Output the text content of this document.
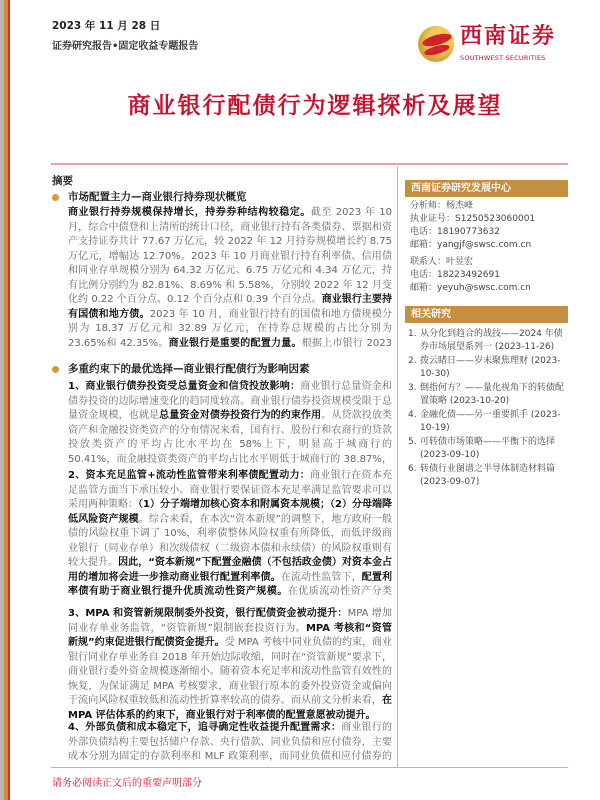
2023 年 11 月 28 日
证券研究报告•固定收益专题报告	西南证券
SOUTHWEST SECURITIES
商业银行配债行为逻辑探析及展望
摘要
市场配置主力—商业银行持券现状概览
商业银行持券规模保持增长，持券券种结构较稳定。截至 2023 年 10 月，综合中债登和上清所的统计口径，商业银行持有各类债券、票据和资产支持证券共计 77.67 万亿元，较 2022 年 12 月持券规模增长约 8.75 万亿元，增幅达 12.70%。2023 年 10 月商业银行持有利率债、信用债和同业存单规模分别为 64.32 万亿元、6.75 万亿元和 4.34 万亿元，持有比例分别约为 82.81%、8.69% 和 5.58%，分别较 2022 年 12 月变化约 0.22 个百分点、0.12 个百分点和 0.39 个百分点。商业银行主要持有国债和地方债。2023 年 10 月，商业银行持有的国债和地方债规模分别为 18.37 万亿元和 32.89 万亿元，在持券总规模的占比分别为 23.65%和 42.35%。商业银行是重要的配置力量。根据上市银行 2023
多重约束下的最优选择—商业银行配债行为影响因素
1、商业银行债券投资受总量资金和信贷投放影响：商业银行总量资金和债券投资的边际增速变化的趋同度较高。商业银行债券投资规模受限于总量资金规模，也就是总量资金对债券投资行为的约束作用。从贷款投放类资产和金融投资类资产的分布情况来看，国有行、股份行和农商行的贷款投放类资产的平均占比水平均在 58%上下，明显高于城商行的 50.41%，而金融投资类资产的平均占比水平则低于城商行的 38.87%，
2、资本充足监管+流动性监管带来利率债配置动力：商业银行在资本充足监管方面当下承压较小。商业银行要保证资本充足率满足监管要求可以采用两种策略：（1）分子端增加核心资本和附属资本规模；（2）分母端降低风险资产规模。综合来看，在本次“资本新规”的调整下，地方政府一般债的风险权重下调了 10%，利率债整体风险权重有所降低，而低评级商业银行（同业存单）和次级债权（二级资本债和永续债）的风险权重则有较大提升。因此，“资本新规”下配置金融债（不包括政金债）对资本金占用的增加将会进一步推动商业银行配置利率债。在流动性监管下，配置利率债有助于商业银行提升优质流动性资产规模。在优质流动性资产分类
3、MPA 和资管新规限制委外投资，银行配债资金被动提升：MPA 增加同业存单业务监管，“资管新规”限制嵌套投资行为。MPA 考核和“资管新规”约束促进银行配债资金提升。受 MPA 考核中同业负债的约束，商业银行同业存单业务自 2018 年开始边际收缩，同时在“资管新规”要求下，商业银行委外资金规模逐渐缩小。随着资本充足率和流动性监管有效性的恢复，为保证满足 MPA 考核要求，商业银行原本的委外投资资金或偏向于流向风险权重较低和流动性折算率较高的债券。而从前文分析来看，在 MPA 评估体系的约束下，商业银行对于利率债的配置意愿被动提升。
4、外部负债和成本稳定下，追寻确定性收益提升配置需求：商业银行的外部负债结构主要包括储户存款、央行借款、同业负债和应付债券，主要成本分别为固定的存款利率和 MLF 政策利率，而同业负债和应付债券的
西南证券研究发展中心
分析师：杨杰峰
执业证号：S1250523060001
电话：18190773632
邮箱：yangjf@swsc.com.cn
联系人：叶昱宏
电话：18223492691
邮箱：yeyuh@swsc.com.cn
相关研究
1. 从分化到趋合的战技——2024 年债券市场展望系列一 (2023-11-26)
2. 拨云睹日——岁末聚焦理财 (2023-10-30)
3. 倒指何方？——量化视角下的转债配置策略 (2023-10-20)
4. 金融化债——另一重要抓手 (2023-10-19)
5. 可转债市场策略——平衡下的选择 (2023-09-10)
6. 转债行业图谱之半导体制造材料篇 (2023-09-07)
请务必阅读正文后的重要声明部分
